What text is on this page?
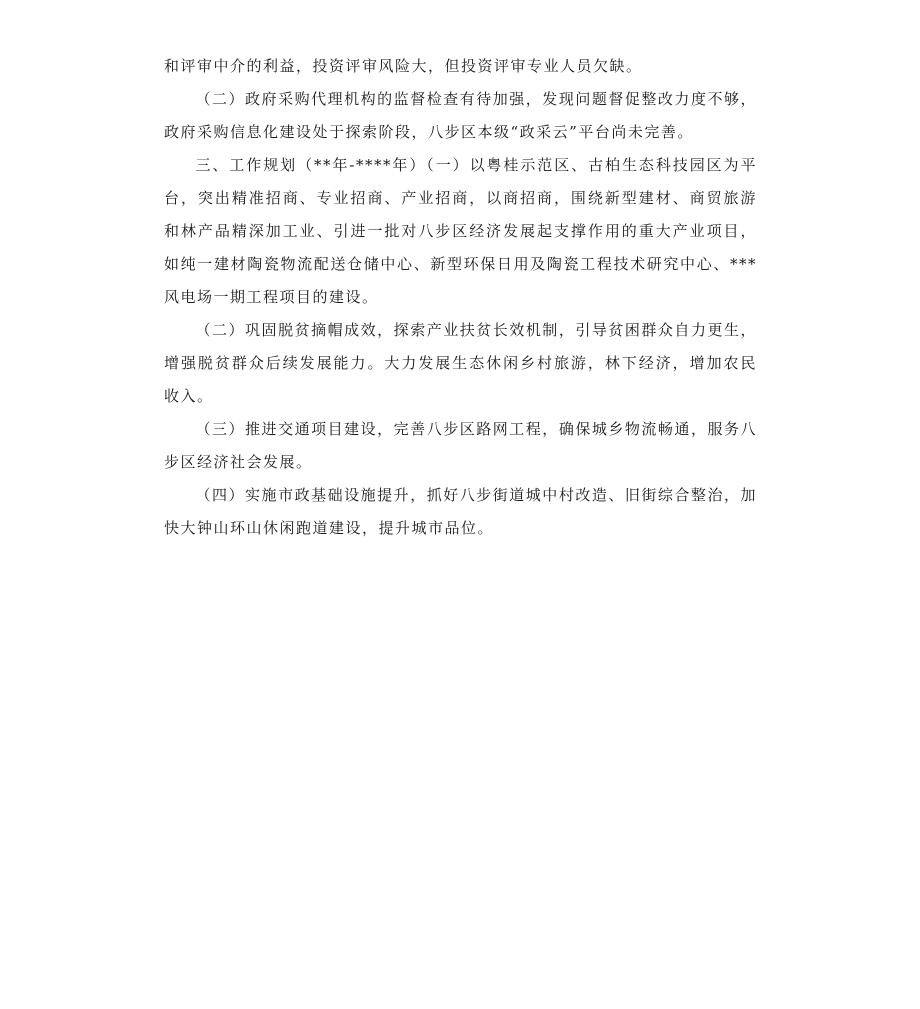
和评审中介的利益，投资评审风险大，但投资评审专业人员欠缺。

（二）政府采购代理机构的监督检查有待加强，发现问题督促整改力度不够，政府采购信息化建设处于探索阶段，八步区本级“政采云”平台尚未完善。

三、工作规划（**年-****年）（一）以粤桂示范区、古柏生态科技园区为平台，突出精准招商、专业招商、产业招商，以商招商，围绕新型建材、商贸旅游和林产品精深加工业、引进一批对八步区经济发展起支撑作用的重大产业项目，如纯一建材陶瓷物流配送仓储中心、新型环保日用及陶瓷工程技术研究中心、***风电场一期工程项目的建设。

（二）巩固脱贫摘帽成效，探索产业扶贫长效机制，引导贫困群众自力更生，增强脱贫群众后续发展能力。大力发展生态休闲乡村旅游，林下经济，增加农民收入。

（三）推进交通项目建设，完善八步区路网工程，确保城乡物流畅通，服务八步区经济社会发展。

（四）实施市政基础设施提升，抓好八步街道城中村改造、旧街综合整治，加快大钟山环山休闲跑道建设，提升城市品位。
